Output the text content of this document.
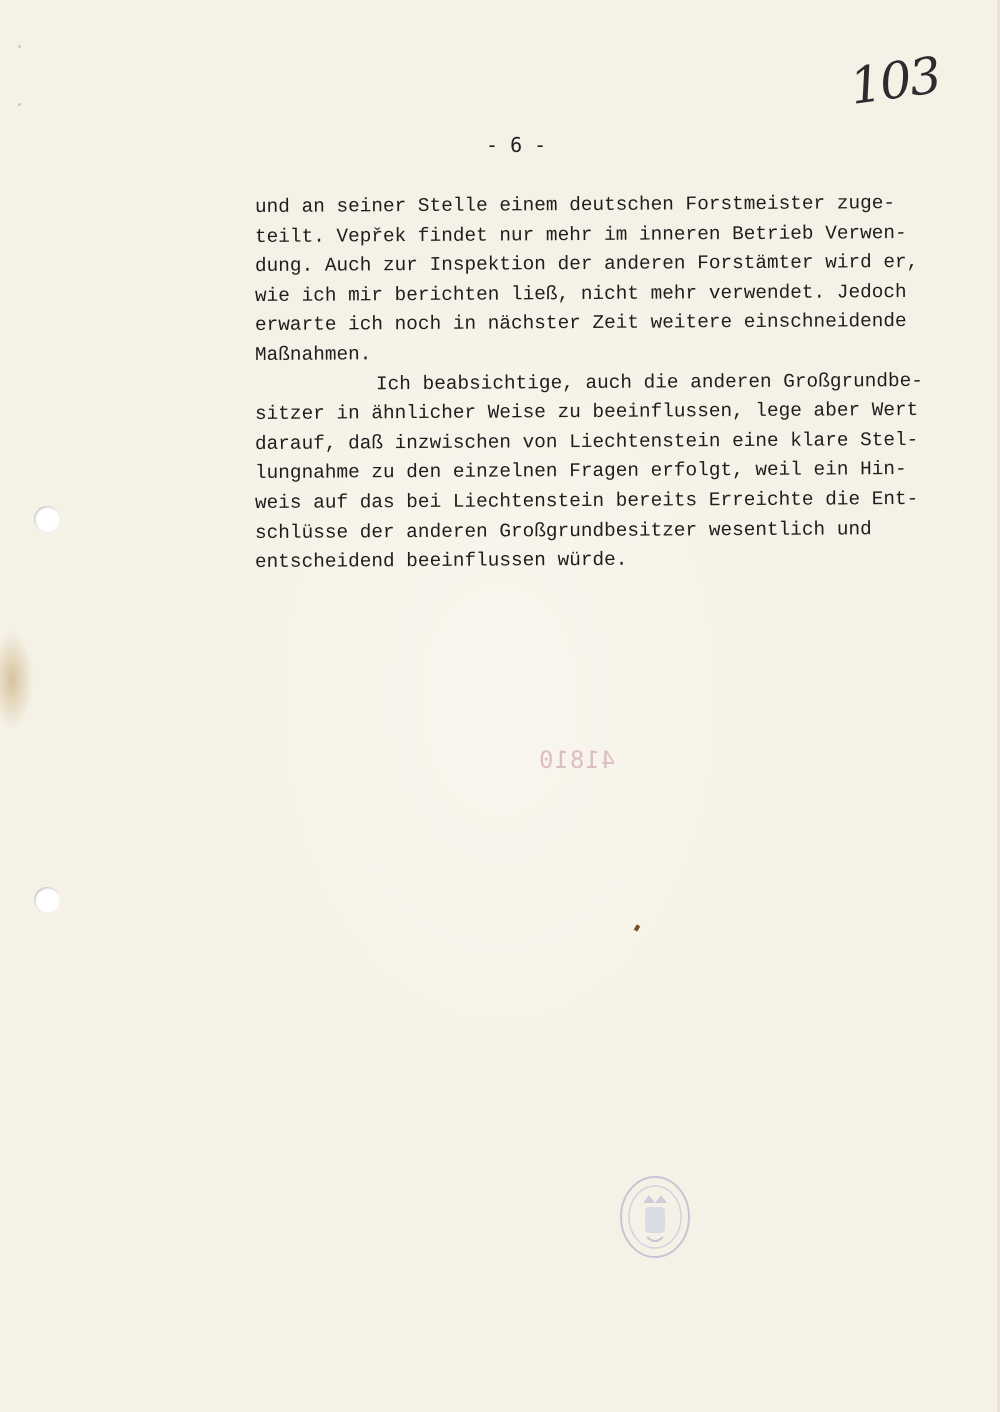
103
- 6 -
und an seiner Stelle einem deutschen Forstmeister zuge-
teilt. Vepřek findet nur mehr im inneren Betrieb Verwen-
dung. Auch zur Inspektion der anderen Forstämter wird er,
wie ich mir berichten ließ, nicht mehr verwendet. Jedoch
erwarte ich noch in nächster Zeit weitere einschneidende
Maßnahmen.
Ich beabsichtige, auch die anderen Großgrundbe-
sitzer in ähnlicher Weise zu beeinflussen, lege aber Wert
darauf, daß inzwischen von Liechtenstein eine klare Stel-
lungnahme zu den einzelnen Fragen erfolgt, weil ein Hin-
weis auf das bei Liechtenstein bereits Erreichte die Ent-
schlüsse der anderen Großgrundbesitzer wesentlich und
entscheidend beeinflussen würde.
41810
